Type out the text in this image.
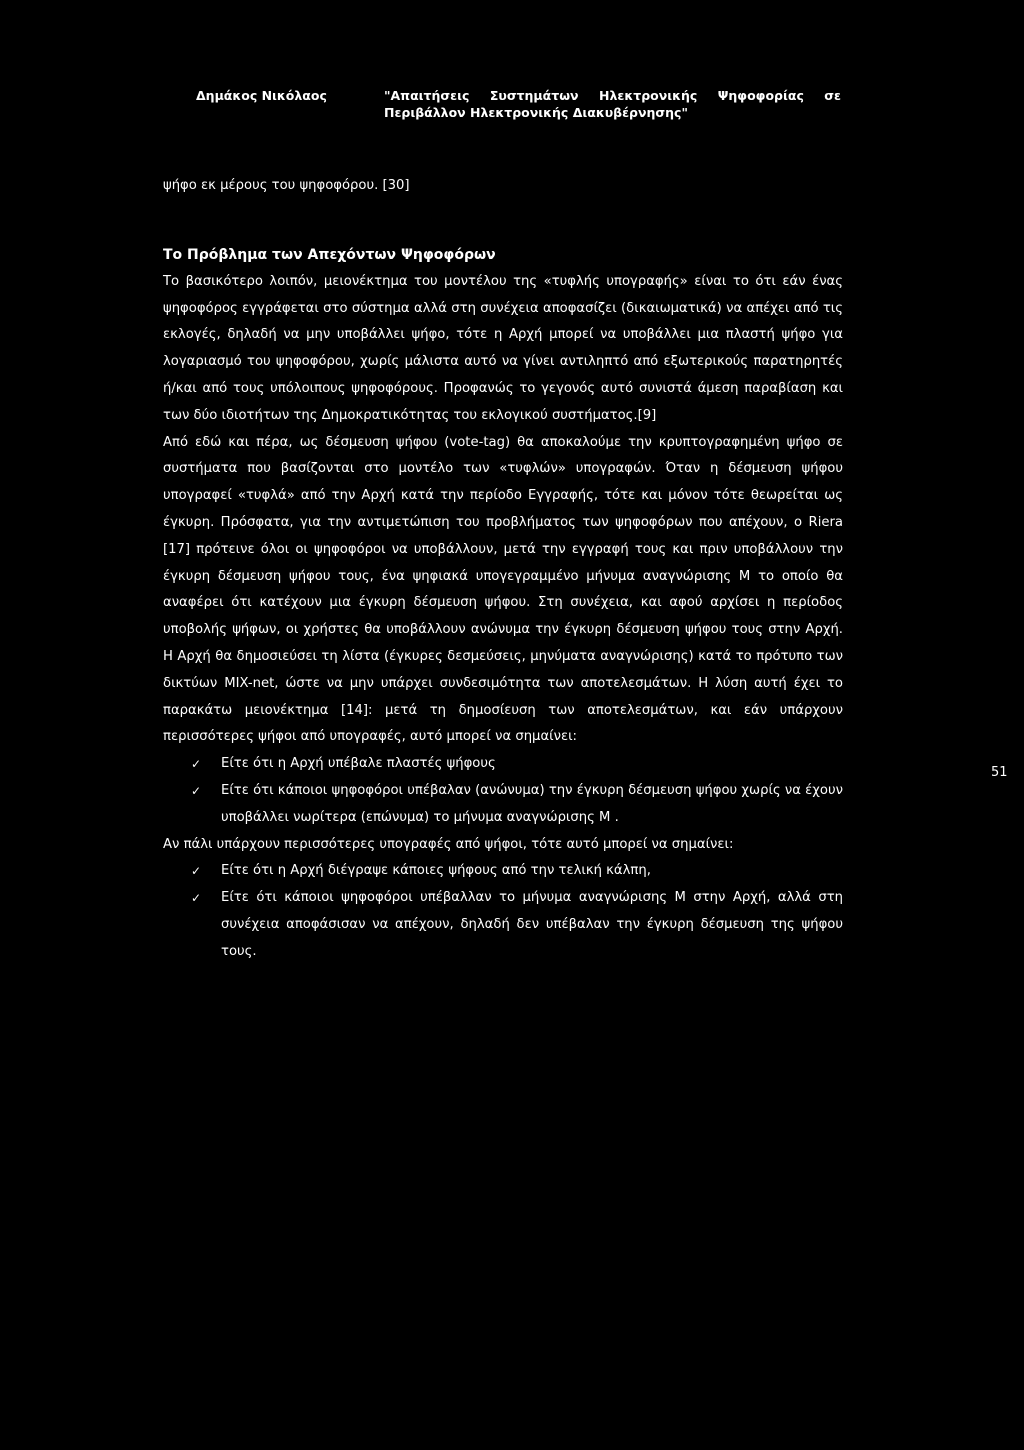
Δημάκος Νικόλαος	"Απαιτήσεις Συστημάτων Ηλεκτρονικής Ψηφοφορίας σε Περιβάλλον Ηλεκτρονικής Διακυβέρνησης"

ψήφο εκ μέρους του ψηφοφόρου. [30]

Το Πρόβλημα των Απεχόντων Ψηφοφόρων

Το βασικότερο λοιπόν, μειονέκτημα του μοντέλου της «τυφλής υπογραφής» είναι το ότι εάν ένας ψηφοφόρος εγγράφεται στο σύστημα αλλά στη συνέχεια αποφασίζει (δικαιωματικά) να απέχει από τις εκλογές, δηλαδή να μην υποβάλλει ψήφο, τότε η Αρχή μπορεί να υποβάλλει μια πλαστή ψήφο για λογαριασμό του ψηφοφόρου, χωρίς μάλιστα αυτό να γίνει αντιληπτό από εξωτερικούς παρατηρητές ή/και από τους υπόλοιπους ψηφοφόρους. Προφανώς το γεγονός αυτό συνιστά άμεση παραβίαση και των δύο ιδιοτήτων της Δημοκρατικότητας του εκλογικού συστήματος.[9]

Από εδώ και πέρα, ως δέσμευση ψήφου (vote-tag) θα αποκαλούμε την κρυπτογραφημένη ψήφο σε συστήματα που βασίζονται στο μοντέλο των «τυφλών» υπογραφών. Όταν η δέσμευση ψήφου υπογραφεί «τυφλά» από την Αρχή κατά την περίοδο Εγγραφής, τότε και μόνον τότε θεωρείται ως έγκυρη. Πρόσφατα, για την αντιμετώπιση του προβλήματος των ψηφοφόρων που απέχουν, ο Riera [17] πρότεινε όλοι οι ψηφοφόροι να υποβάλλουν, μετά την εγγραφή τους και πριν υποβάλλουν την έγκυρη δέσμευση ψήφου τους, ένα ψηφιακά υπογεγραμμένο μήνυμα αναγνώρισης Μ το οποίο θα αναφέρει ότι κατέχουν μια έγκυρη δέσμευση ψήφου. Στη συνέχεια, και αφού αρχίσει η περίοδος υποβολής ψήφων, οι χρήστες θα υποβάλλουν ανώνυμα την έγκυρη δέσμευση ψήφου τους στην Αρχή. Η Αρχή θα δημοσιεύσει τη λίστα (έγκυρες δεσμεύσεις, μηνύματα αναγνώρισης) κατά το πρότυπο των δικτύων MIX-net, ώστε να μην υπάρχει συνδεσιμότητα των αποτελεσμάτων. Η λύση αυτή έχει το παρακάτω μειονέκτημα [14]: μετά τη δημοσίευση των αποτελεσμάτων, και εάν υπάρχουν περισσότερες ψήφοι από υπογραφές, αυτό μπορεί να σημαίνει:

✓ Είτε ότι η Αρχή υπέβαλε πλαστές ψήφους
✓ Είτε ότι κάποιοι ψηφοφόροι υπέβαλαν (ανώνυμα) την έγκυρη δέσμευση ψήφου χωρίς να έχουν υποβάλλει νωρίτερα (επώνυμα) το μήνυμα αναγνώρισης Μ .

Αν πάλι υπάρχουν περισσότερες υπογραφές από ψήφοι, τότε αυτό μπορεί να σημαίνει:

✓ Είτε ότι η Αρχή διέγραψε κάποιες ψήφους από την τελική κάλπη,
✓ Είτε ότι κάποιοι ψηφοφόροι υπέβαλλαν το μήνυμα αναγνώρισης Μ στην Αρχή, αλλά στη συνέχεια αποφάσισαν να απέχουν, δηλαδή δεν υπέβαλαν την έγκυρη δέσμευση της ψήφου τους.
51
